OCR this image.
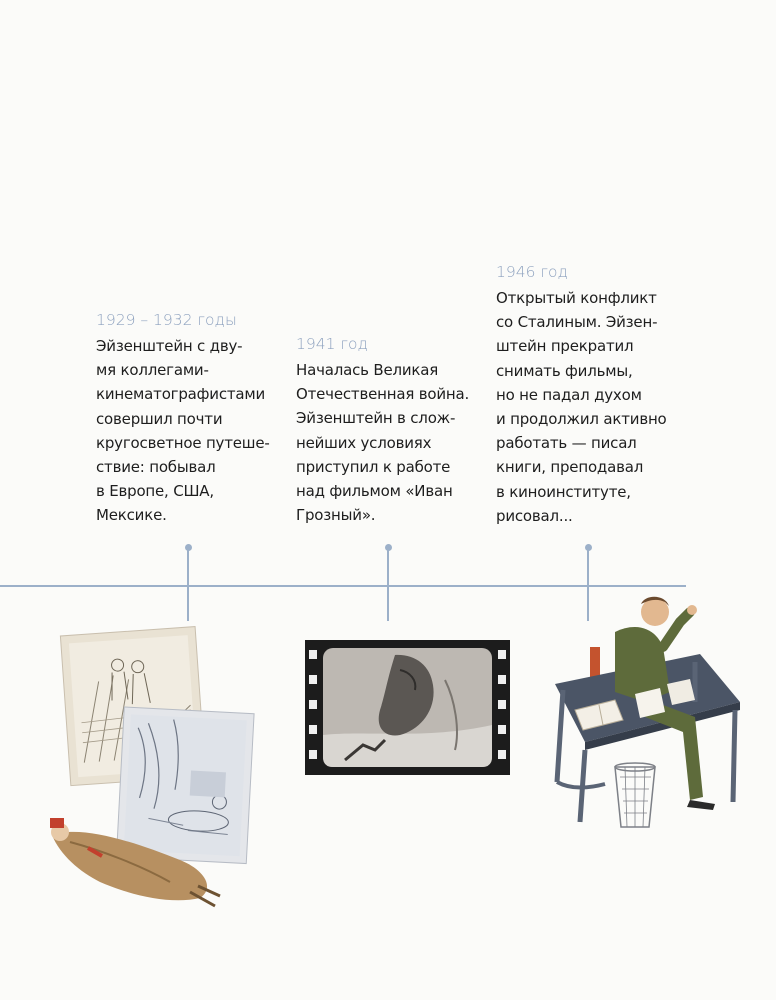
1929 – 1932 годы
Эйзенштейн с дву-
мя коллегами-
кинематографистами
совершил почти
кругосветное путеше-
ствие: побывал
в Европе, США,
Мексике.
1941 год
Началась Великая
Отечественная война.
Эйзенштейн в слож-
нейших условиях
приступил к работе
над фильмом «Иван
Грозный».
1946 год
Открытый конфликт
со Сталиным. Эйзен-
штейн прекратил
снимать фильмы,
но не падал духом
и продолжил активно
работать — писал
книги, преподавал
в киноинституте,
рисовал...
